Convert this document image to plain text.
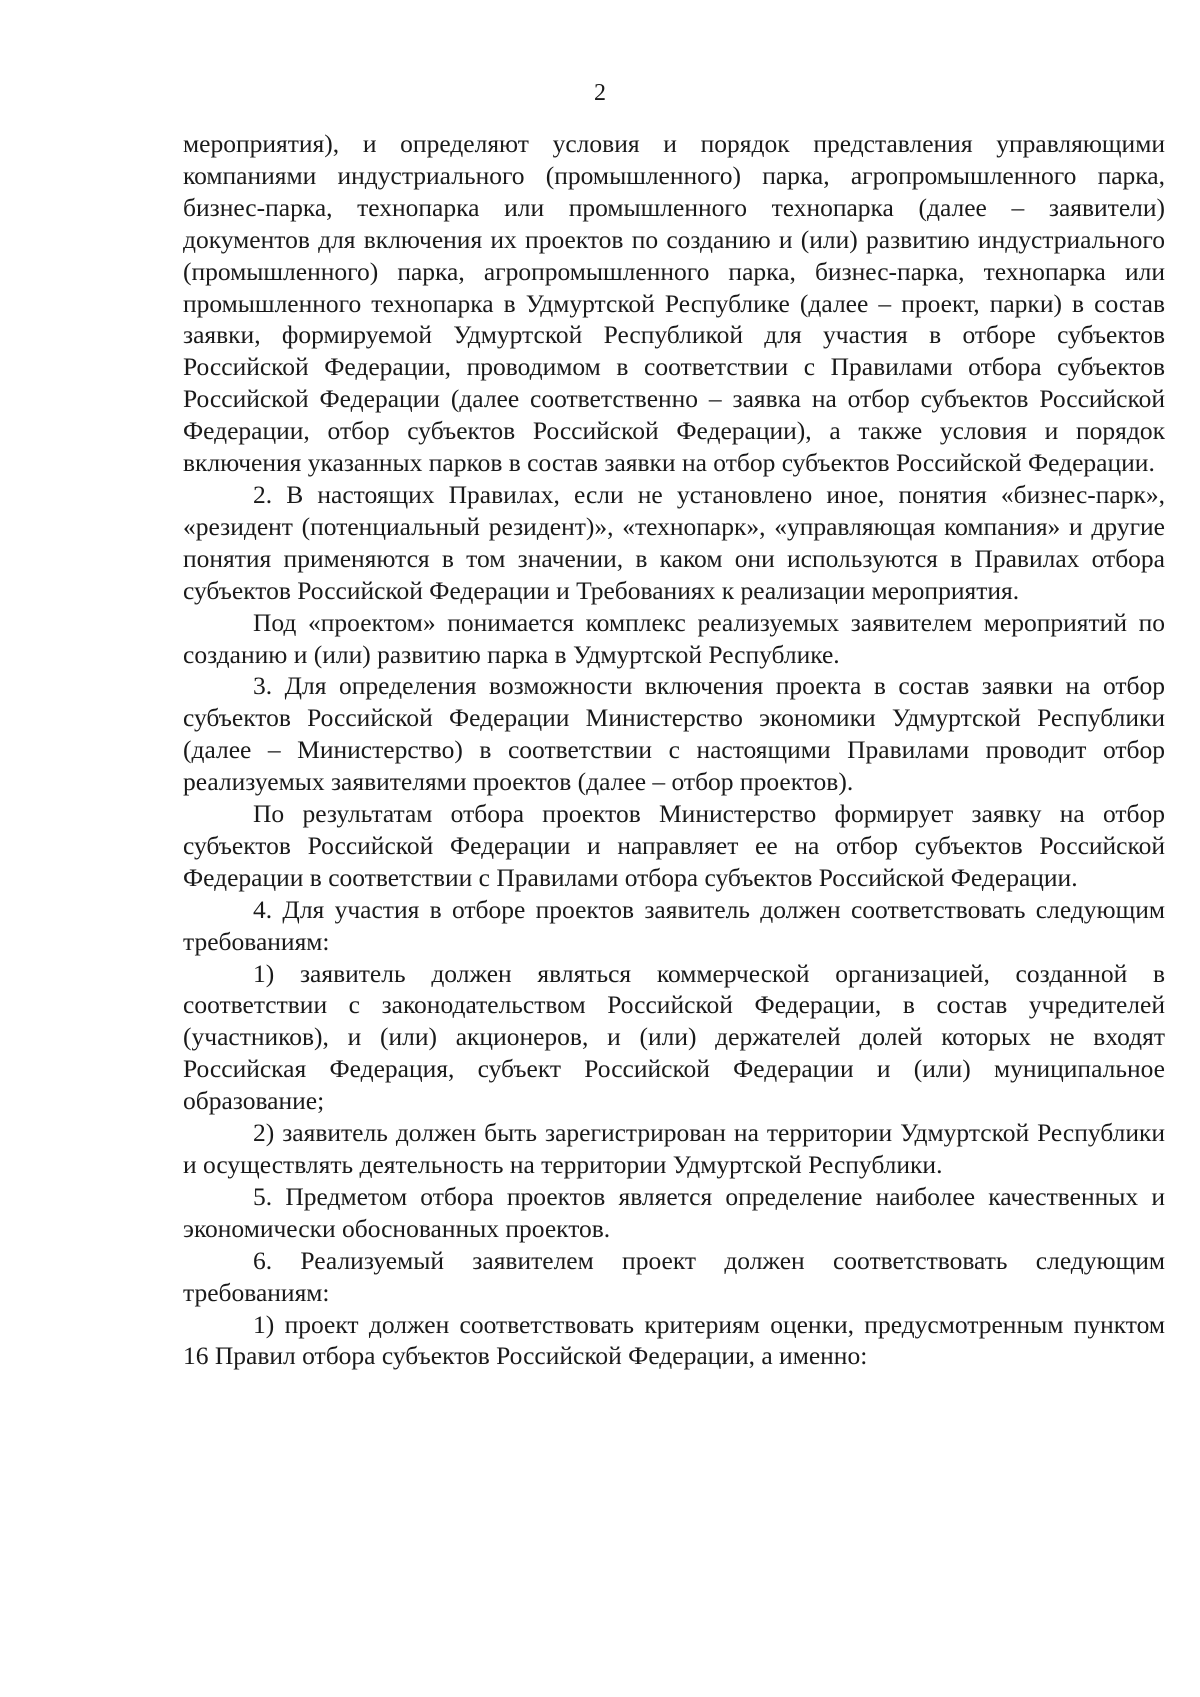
2

мероприятия), и определяют условия и порядок представления управляющими компаниями индустриального (промышленного) парка, агропромышленного парка, бизнес-парка, технопарка или промышленного технопарка (далее – заявители) документов для включения их проектов по созданию и (или) развитию индустриального (промышленного) парка, агропромышленного парка, бизнес-парка, технопарка или промышленного технопарка в Удмуртской Республике (далее – проект, парки) в состав заявки, формируемой Удмуртской Республикой для участия в отборе субъектов Российской Федерации, проводимом в соответствии с Правилами отбора субъектов Российской Федерации (далее соответственно – заявка на отбор субъектов Российской Федерации, отбор субъектов Российской Федерации), а также условия и порядок включения указанных парков в состав заявки на отбор субъектов Российской Федерации.

2. В настоящих Правилах, если не установлено иное, понятия «бизнес-парк», «резидент (потенциальный резидент)», «технопарк», «управляющая компания» и другие понятия применяются в том значении, в каком они используются в Правилах отбора субъектов Российской Федерации и Требованиях к реализации мероприятия.

Под «проектом» понимается комплекс реализуемых заявителем мероприятий по созданию и (или) развитию парка в Удмуртской Республике.

3. Для определения возможности включения проекта в состав заявки на отбор субъектов Российской Федерации Министерство экономики Удмуртской Республики (далее – Министерство) в соответствии с настоящими Правилами проводит отбор реализуемых заявителями проектов (далее – отбор проектов).

По результатам отбора проектов Министерство формирует заявку на отбор субъектов Российской Федерации и направляет ее на отбор субъектов Российской Федерации в соответствии с Правилами отбора субъектов Российской Федерации.

4. Для участия в отборе проектов заявитель должен соответствовать следующим требованиям:

1) заявитель должен являться коммерческой организацией, созданной в соответствии с законодательством Российской Федерации, в состав учредителей (участников), и (или) акционеров, и (или) держателей долей которых не входят Российская Федерация, субъект Российской Федерации и (или) муниципальное образование;

2) заявитель должен быть зарегистрирован на территории Удмуртской Республики и осуществлять деятельность на территории Удмуртской Республики.

5. Предметом отбора проектов является определение наиболее качественных и экономически обоснованных проектов.

6. Реализуемый заявителем проект должен соответствовать следующим требованиям:

1) проект должен соответствовать критериям оценки, предусмотренным пунктом 16 Правил отбора субъектов Российской Федерации, а именно:
